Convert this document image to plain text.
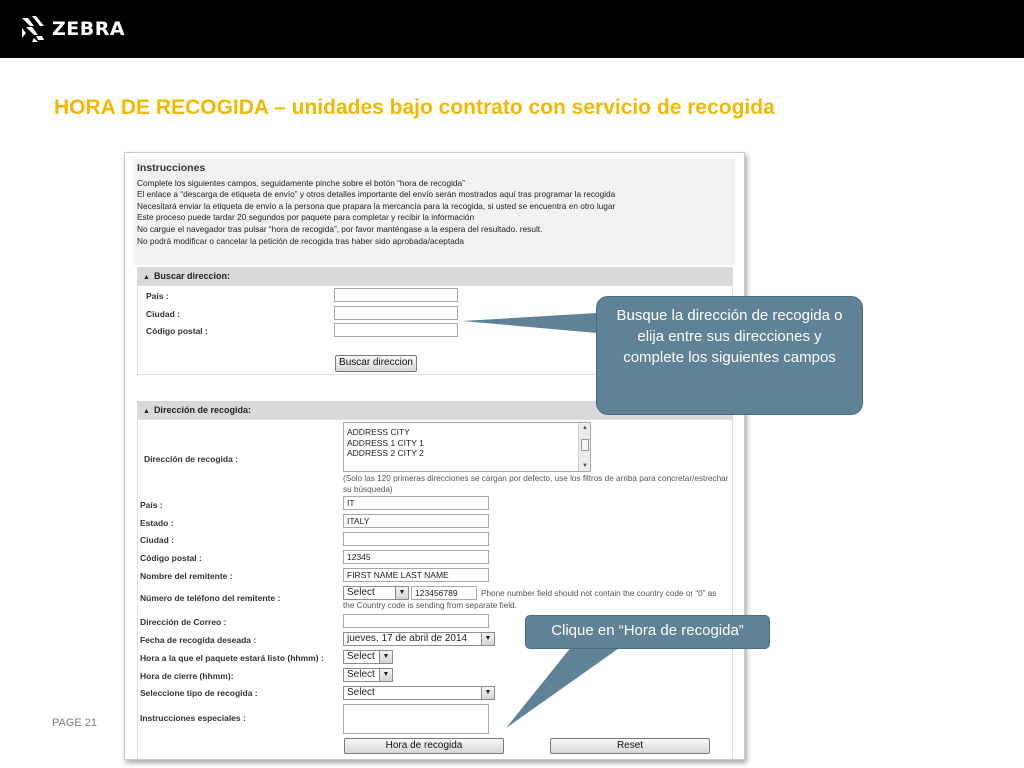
ZEBRA
HORA DE RECOGIDA – unidades bajo contrato con servicio de recogida
PAGE 21
Instrucciones
Complete los siguientes campos, seguidamente pinche sobre el botón “hora de recogida”
El enlace a “descarga de etiqueta de envío” y otros detalles importante del envío serán mostrados aquí tras programar la recogida
Necesitará enviar la etiqueta de envío a la persona que prapara la mercancía para la recogida, si usted se encuentra en otro lugar
Este proceso puede tardar 20 segundos por paquete para completar y recibir la información
No cargue el navegador tras pulsar “hora de recogida”, por favor manténgase a la espera del resultado. result.
No podrá modificar o cancelar la petición de recogida tras haber sido aprobada/aceptada
▲ Buscar direccion:
País :
Ciudad :
Código postal :
Buscar direccion
▲ Dirección de recogida:
Dirección de recogida :
ADDRESS CITY
ADDRESS 1 CITY 1
ADDRESS 2 CITY 2
▲
▼
(Solo las 120 primeras direcciones se cargan por defecto, use los filtros de arriba para concretar/estrechar su búsqueda)
País :	IT
Estado :	ITALY
Ciudad :
Código postal :	12345
Nombre del remitente :	FIRST NAME LAST NAME
Número de teléfono del remitente :	Select	▼	123456789	Phone number field should not contain the country code or “0” as
the Country code is sending from separate field.
Dirección de Correo :
Fecha de recogida deseada :	jueves, 17 de abril de 2014	▼
Hora a la que el paquete estará listo (hhmm) :	Select	▼
Hora de cierre (hhmm):	Select	▼
Seleccione tipo de recogida :	Select	▼
Instrucciones especiales :
Hora de recogida	Reset
Busque la dirección de recogida o elija entre sus direcciones y complete los siguientes campos
Clique en “Hora de recogida”
